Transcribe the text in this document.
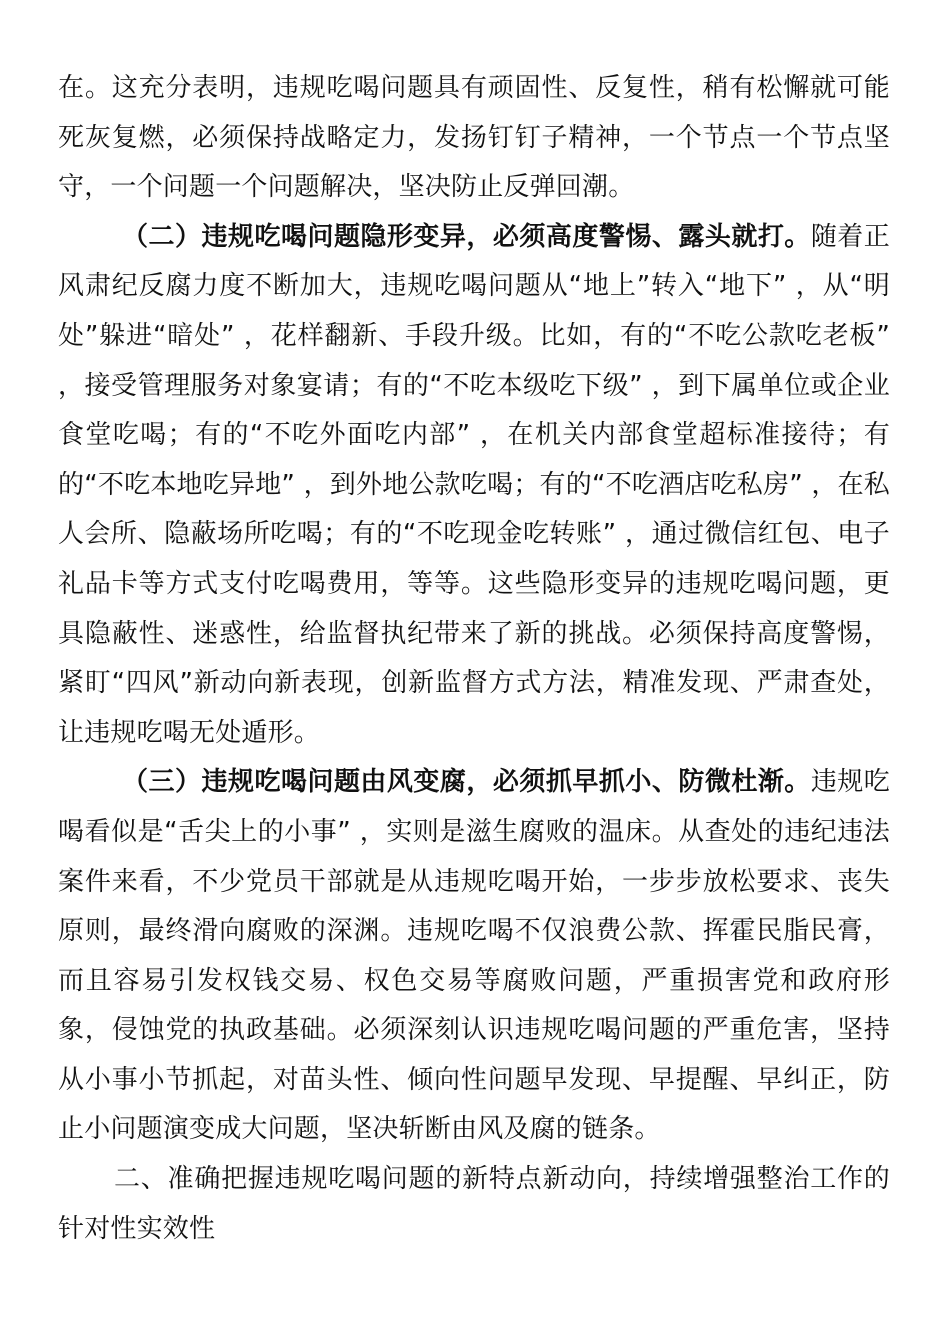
在。这充分表明，违规吃喝问题具有顽固性、反复性，稍有松懈就可能死灰复燃，必须保持战略定力，发扬钉钉子精神，一个节点一个节点坚守，一个问题一个问题解决，坚决防止反弹回潮。

（二）违规吃喝问题隐形变异，必须高度警惕、露头就打。随着正风肃纪反腐力度不断加大，违规吃喝问题从“地上”转入“地下” ，从“明处”躲进“暗处” ，花样翻新、手段升级。比如，有的“不吃公款吃老板” ，接受管理服务对象宴请；有的“不吃本级吃下级” ，到下属单位或企业食堂吃喝；有的“不吃外面吃内部” ，在机关内部食堂超标准接待；有的“不吃本地吃异地” ，到外地公款吃喝；有的“不吃酒店吃私房” ，在私人会所、隐蔽场所吃喝；有的“不吃现金吃转账” ，通过微信红包、电子礼品卡等方式支付吃喝费用，等等。这些隐形变异的违规吃喝问题，更具隐蔽性、迷惑性，给监督执纪带来了新的挑战。必须保持高度警惕，紧盯“四风”新动向新表现，创新监督方式方法，精准发现、严肃查处，让违规吃喝无处遁形。

（三）违规吃喝问题由风变腐，必须抓早抓小、防微杜渐。违规吃喝看似是“舌尖上的小事” ，实则是滋生腐败的温床。从查处的违纪违法案件来看，不少党员干部就是从违规吃喝开始，一步步放松要求、丧失原则，最终滑向腐败的深渊。违规吃喝不仅浪费公款、挥霍民脂民膏，而且容易引发权钱交易、权色交易等腐败问题，严重损害党和政府形象，侵蚀党的执政基础。必须深刻认识违规吃喝问题的严重危害，坚持从小事小节抓起，对苗头性、倾向性问题早发现、早提醒、早纠正，防止小问题演变成大问题，坚决斩断由风及腐的链条。

二、准确把握违规吃喝问题的新特点新动向，持续增强整治工作的针对性实效性
